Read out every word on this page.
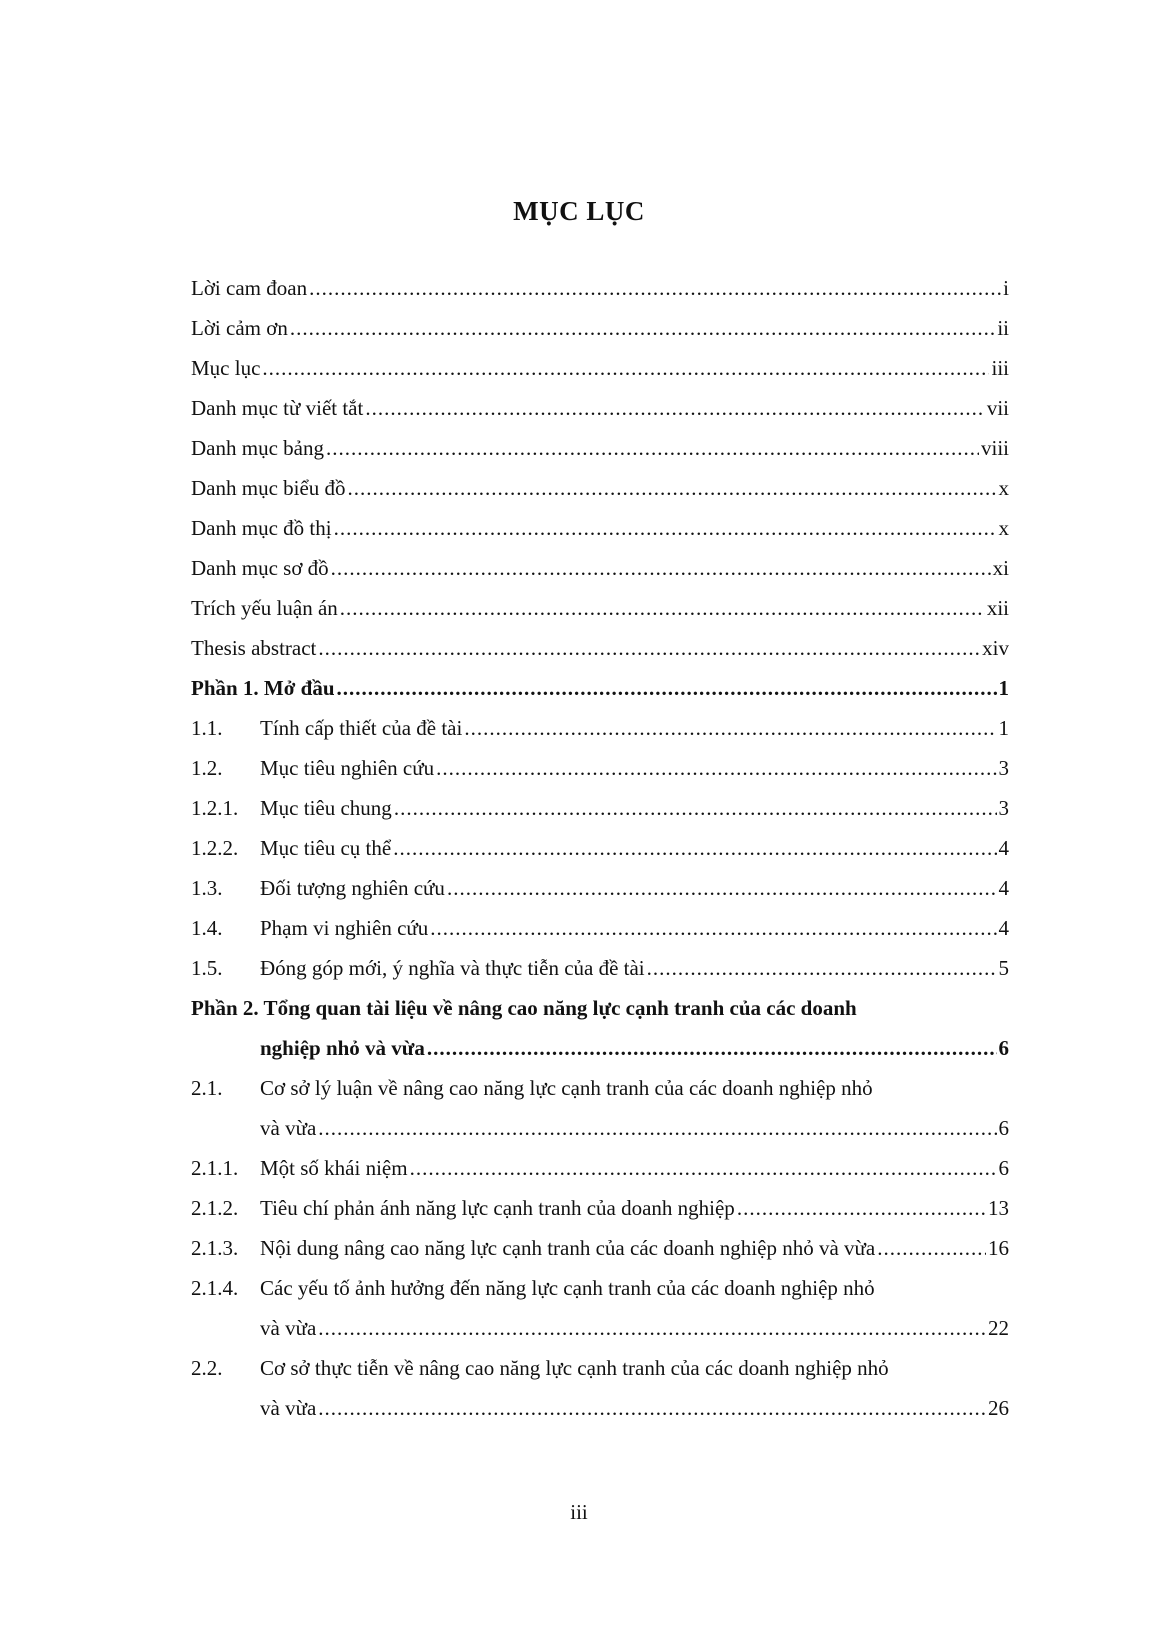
MỤC LỤC
Lời cam đoan .....	i
Lời cảm ơn .....	ii
Mục lục .....	iii
Danh mục từ viết tắt .....	vii
Danh mục bảng .....	viii
Danh mục biểu đồ .....	x
Danh mục đồ thị .....	x
Danh mục sơ đồ .....	xi
Trích yếu luận án .....	xii
Thesis abstract .....	xiv
Phần 1. Mở đầu .....	1
1.1.	Tính cấp thiết của đề tài .....	1
1.2.	Mục tiêu nghiên cứu .....	3
1.2.1.	Mục tiêu chung .....	3
1.2.2.	Mục tiêu cụ thể .....	4
1.3.	Đối tượng nghiên cứu .....	4
1.4.	Phạm vi nghiên cứu .....	4
1.5.	Đóng góp mới, ý nghĩa và thực tiễn của đề tài .....	5
Phần 2. Tổng quan tài liệu về nâng cao năng lực cạnh tranh của các doanh
nghiệp nhỏ và vừa .....	6
2.1.	Cơ sở lý luận về nâng cao năng lực cạnh tranh của các doanh nghiệp nhỏ
và vừa .....	6
2.1.1.	Một số khái niệm .....	6
2.1.2.	Tiêu chí phản ánh năng lực cạnh tranh của doanh nghiệp .....	13
2.1.3.	Nội dung nâng cao năng lực cạnh tranh của các doanh nghiệp nhỏ và vừa .....	16
2.1.4.	Các yếu tố ảnh hưởng đến năng lực cạnh tranh của các doanh nghiệp nhỏ
và vừa .....	22
2.2.	Cơ sở thực tiễn về nâng cao năng lực cạnh tranh của các doanh nghiệp nhỏ
và vừa .....	26
iii
